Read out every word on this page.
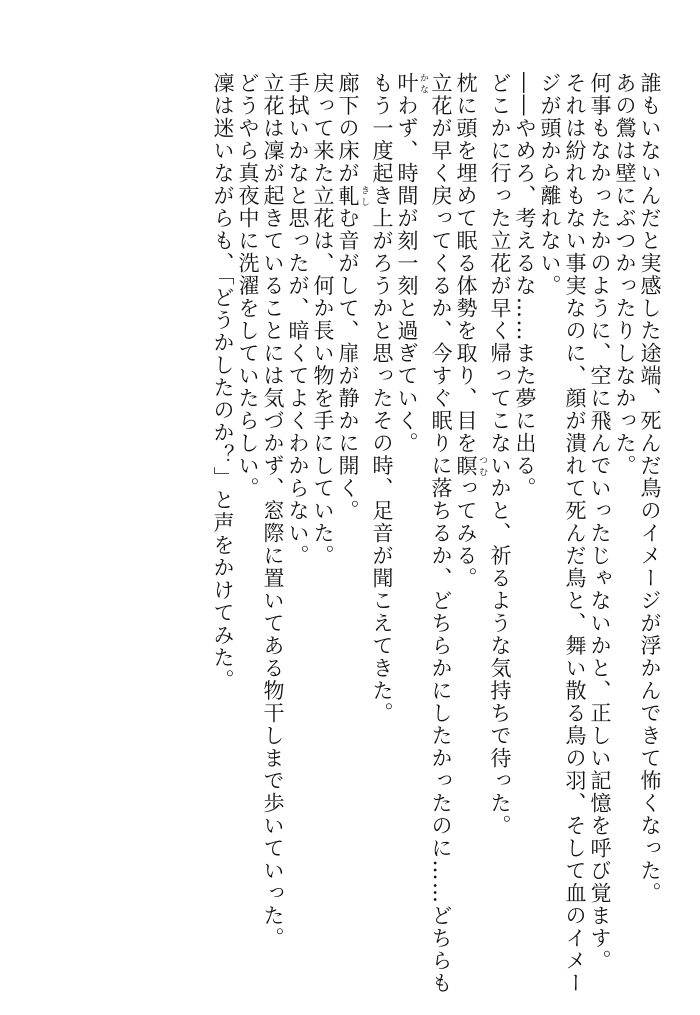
誰もいないんだと実感した途端、死んだ鳥のイメージが浮かんできて怖くなった。

あの鶯は壁にぶつかったりしなかった。

何事もなかったかのように、空に飛んでいったじゃないかと、正しい記憶を呼び覚ます。

それは紛れもない事実なのに、顔が潰れて死んだ鳥と、舞い散る鳥の羽、そして血のイメー

ジが頭から離れない。

――やめろ、考えるな……また夢に出る。

どこかに行った立花が早く帰ってこないかと、祈るような気持ちで待った。

枕に頭を埋めて眠る体勢を取り、目を瞑 つむってみる。

立花が早く戻ってくるか、今すぐ眠りに落ちるか、どちらかにしたかったのに……どちらも

叶 かなわず、時間が刻一刻と過ぎていく。

もう一度起き上がろうかと思ったその時、足音が聞こえてきた。

廊下の床が軋 きしむ音がして、扉が静かに開く。

戻って来た立花は、何か長い物を手にしていた。

手拭いかなと思ったが、暗くてよくわからない。

立花は凜が起きていることには気づかず、窓際に置いてある物干しまで歩いていった。

どうやら真夜中に洗濯をしていたらしい。

凜は迷いながらも、「どうかしたのか？」と声をかけてみた。
